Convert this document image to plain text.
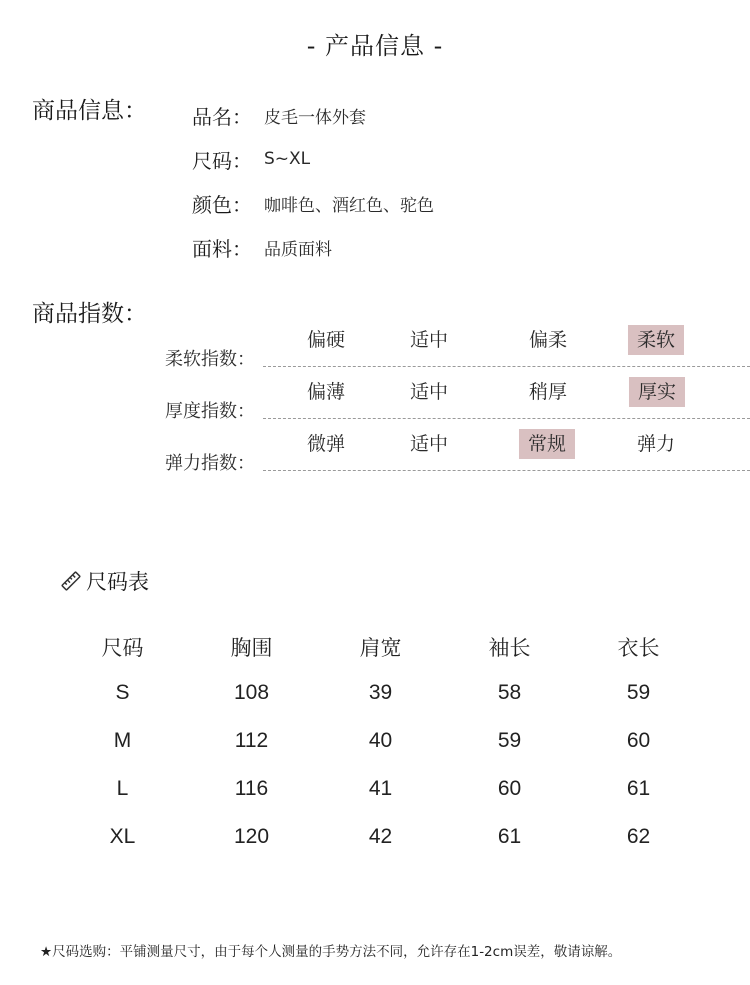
- 产品信息 -
商品信息： 品名： 皮毛一体外套
尺码： S~XL
颜色： 咖啡色、酒红色、驼色
面料： 品质面料
商品指数：
柔软指数：
偏硬	适中	偏柔	柔软
厚度指数：
偏薄	适中	稍厚	厚实
弹力指数：
微弹	适中	常规	弹力
尺码表
尺码	胸围	肩宽	袖长	衣长
S	108	39	58	59
M	112	40	59	60
L	116	41	60	61
XL	120	42	61	62
★尺码选购：平铺测量尺寸，由于每个人测量的手势方法不同，允许存在1-2cm误差，敬请谅解。
